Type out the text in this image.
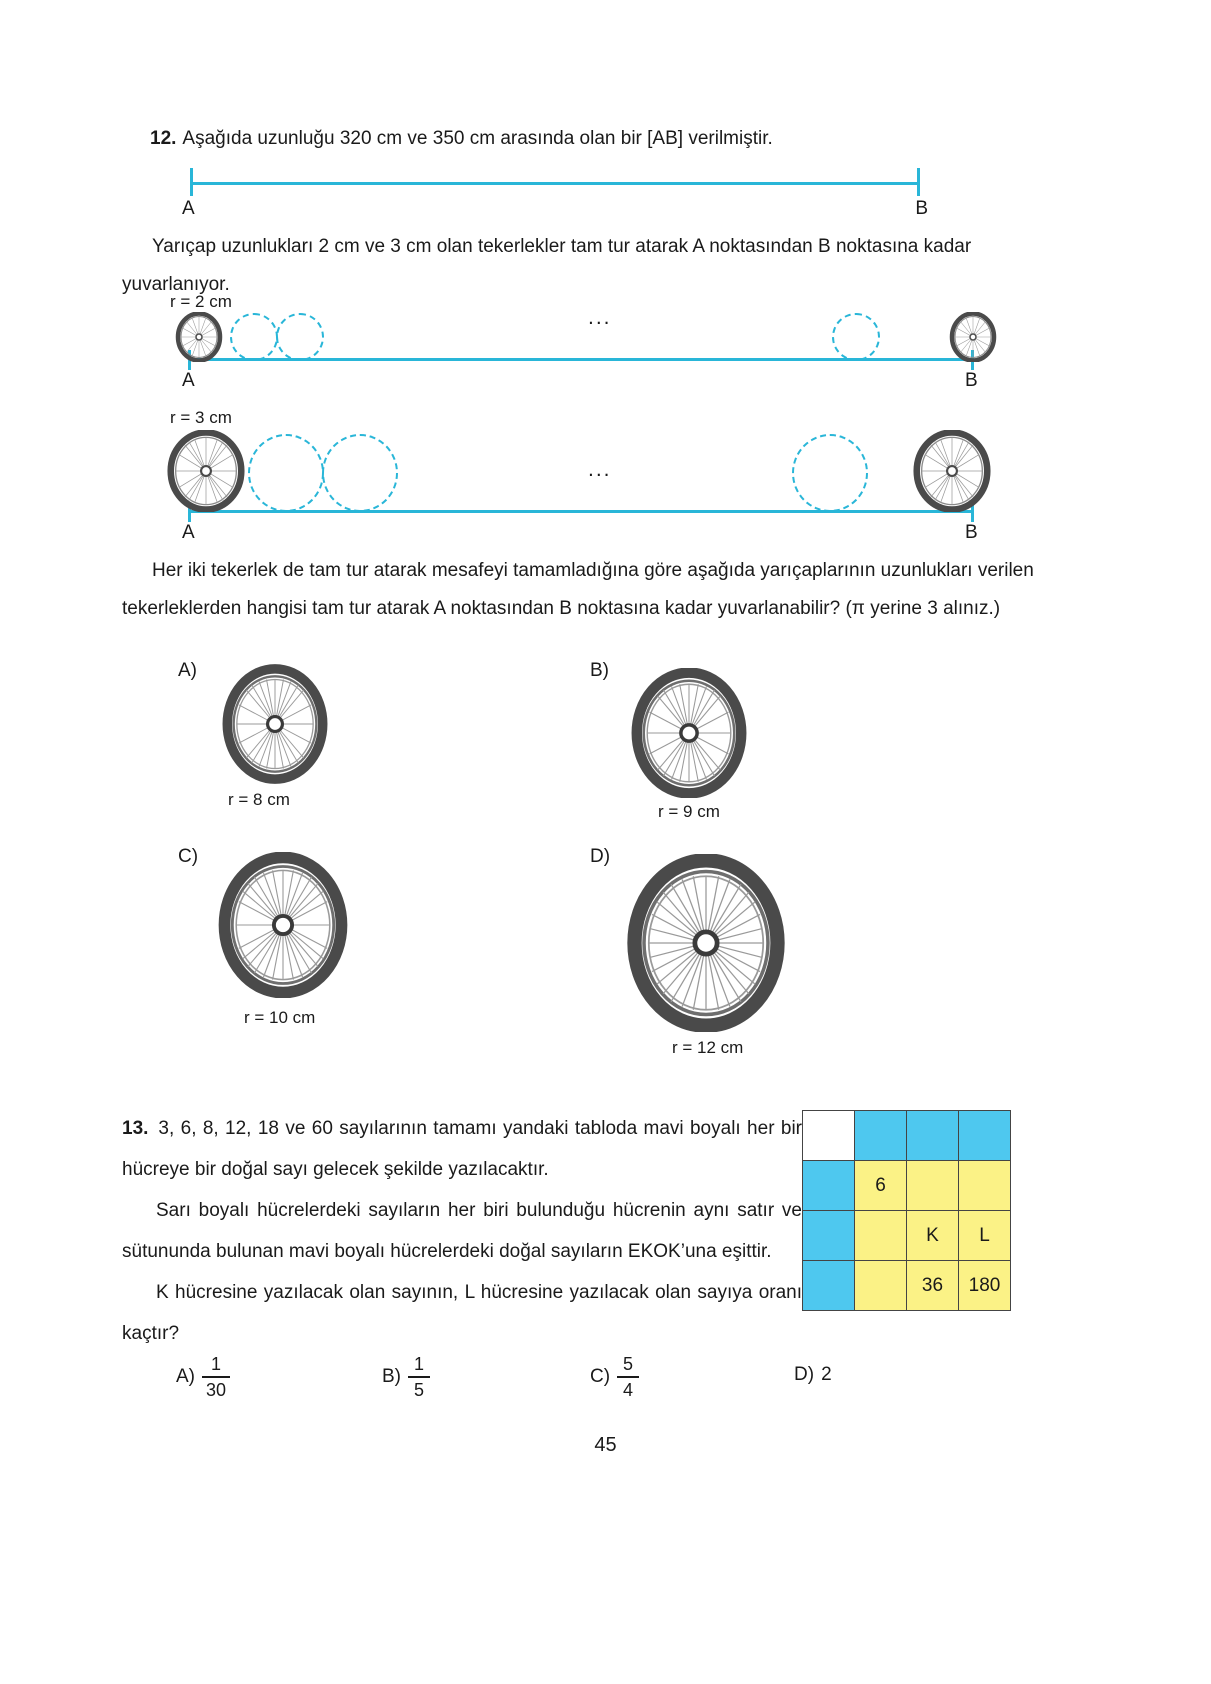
12. Aşağıda uzunluğu 320 cm ve 350 cm arasında olan bir [AB] verilmiştir.
A	B
Yarıçap uzunlukları 2 cm ve 3 cm olan tekerlekler tam tur atarak A noktasından B noktasına kadar yuvarlanıyor.
r = 2 cm
...
A	B
r = 3 cm
...
A	B
Her iki tekerlek de tam tur atarak mesafeyi tamamladığına göre aşağıda yarıçaplarının uzunlukları verilen tekerleklerden hangisi tam tur atarak A noktasından B noktasına kadar yuvarlanabilir? (π yerine 3 alınız.)
A)
r = 8 cm
B)
r = 9 cm
C)
r = 10 cm
D)
r = 12 cm

13. 3, 6, 8, 12, 18 ve 60 sayılarının tamamı yandaki tabloda mavi boyalı her bir hücreye bir doğal sayı gelecek şekilde yazılacaktır.

Sarı boyalı hücrelerdeki sayıların her biri bulunduğu hücrenin aynı satır ve sütununda bulunan mavi boyalı hücrelerdeki doğal sayıların EKOK’una eşittir.

K hücresine yazılacak olan sayının, L hücresine yazılacak olan sayıya oranı kaçtır?

	6		
		K	L
		36	180
$A) \frac{1}{30}$	$B) \frac{1}{5}$	$C) \frac{5}{4}$	D) 2
45
